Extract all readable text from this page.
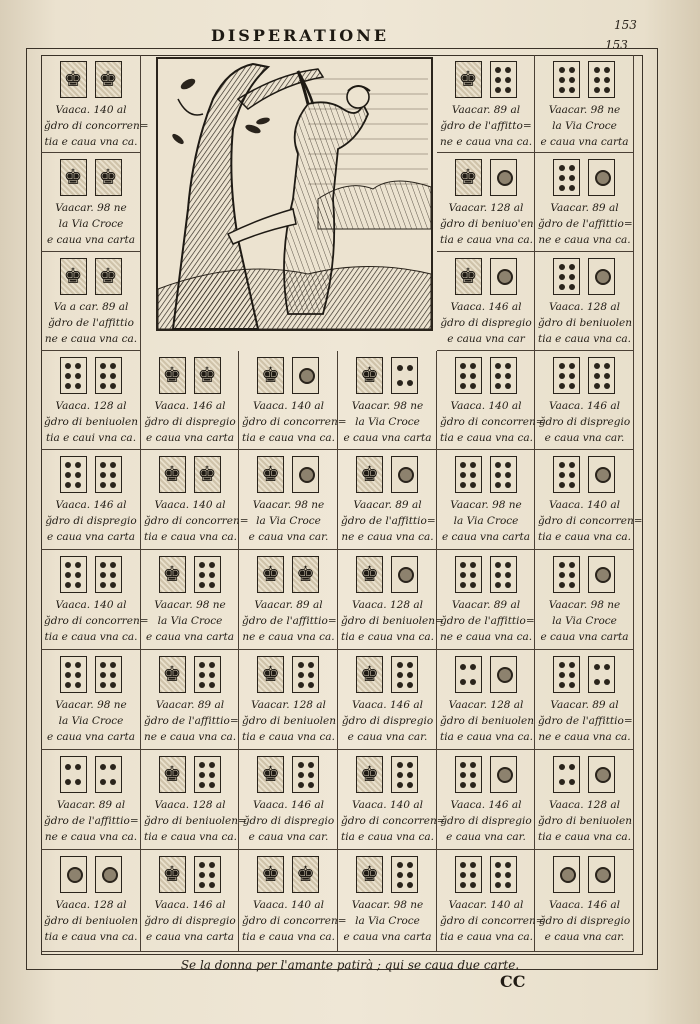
153
153
DISPERATIONE
♚ ♚
Vaaca. 140 al
ğdro di concorren=
tia e caua vna ca.
♚ ♚
Vaacar. 98 ne
la Via Croce
e caua vna carta
♚ ♚
Va a car. 89 al
ğdro de l'affittio
ne e caua vna ca.
♚
Vaacar. 89 al
ğdro de l'affitto=
ne e caua vna ca.
Vaacar. 98 ne
la Via Croce
e caua vna carta
♚
Vaacar. 128 al
ğdro di beniuo'en
tia e caua vna ca.
Vaacar. 89 al
ğdro de l'affittio=
ne e caua vna ca.
♚
Vaaca. 146 al
ğdro di dispregio
e caua vna car
Vaaca. 128 al
ğdro di beniuolen
tia e caua vna ca.
Vaaca. 128 al
ğdro di beniuolen
tia e caui vna ca.
♚ ♚
Vaaca. 146 al
ğdro di dispregio
e caua vna carta
♚
Vaaca. 140 al
ğdro di concorren=
tia e caua vna ca.
♚
Vaacar. 98 ne
la Via Croce
e caua vna carta
Vaaca. 140 al
ğdro di concorren=
tia e caua vna ca.
Vaaca. 146 al
ğdro di dispregio
e caua vna car.
Vaaca. 146 al
ğdro di dispregio
e caua vna carta
♚ ♚
Vaaca. 140 al
ğdro di concorren=
tia e caua vna ca.
♚
Vaacar. 98 ne
la Via Croce
e caua vna car.
♚
Vaacar. 89 al
ğdro de l'affittio=
ne e caua vna ca.
Vaacar. 98 ne
la Via Croce
e caua vna carta
Vaaca. 140 al
ğdro di concorren=
tia e caua vna ca.
Vaaca. 140 al
ğdro di concorren=
tia e caua vna ca.
♚
Vaacar. 98 ne
la Via Croce
e caua vna carta
♚ ♚
Vaacar. 89 al
ğdro de l'affittio=
ne e caua vna ca.
♚
Vaaca. 128 al
ğdro di beniuolen=
tia e caua vna ca.
Vaacar. 89 al
ğdro de l'affittio=
ne e caua vna ca.
Vaacar. 98 ne
la Via Croce
e caua vna carta
Vaacar. 98 ne
la Via Croce
e caua vna carta
♚
Vaacar. 89 al
ğdro de l'affittio=
ne e caua vna ca.
♚
Vaacar. 128 al
ğdro di beniuolen
tia e caua vna ca.
♚
Vaaca. 146 al
ğdro di dispregio
e caua vna car.
Vaacar. 128 al
ğdro di beniuolen
tia e caua vna ca.
Vaacar. 89 al
ğdro de l'affittio=
ne e caua vna ca.
Vaacar. 89 al
ğdro de l'affittio=
ne e caua vna ca.
♚
Vaaca. 128 al
ğdro di beniuolen=
tia e caua vna ca.
♚
Vaaca. 146 al
ğdro di dispregio
e caua vna car.
♚
Vaaca. 140 al
ğdro di concorren=
tia e caua vna ca.
Vaaca. 146 al
ğdro di dispregio
e caua vna car.
Vaaca. 128 al
ğdro di beniuolen
tia e caua vna ca.
Vaaca. 128 al
ğdro di beniuolen
tia e caua vna ca.
♚
Vaaca. 146 al
ğdro di dispregio
e caua vna carta
♚ ♚
Vaaca. 140 al
ğdro di concorren=
tia e caua vna ca.
♚
Vaacar. 98 ne
la Via Croce
e caua vna carta
Vaacar. 140 al
ğdro di concorren=
tia e caua vna ca.
Vaaca. 146 al
ğdro di dispregio
e caua vna car.
Se la donna per l'amante patirà ; qui se caua due carte.
CC
